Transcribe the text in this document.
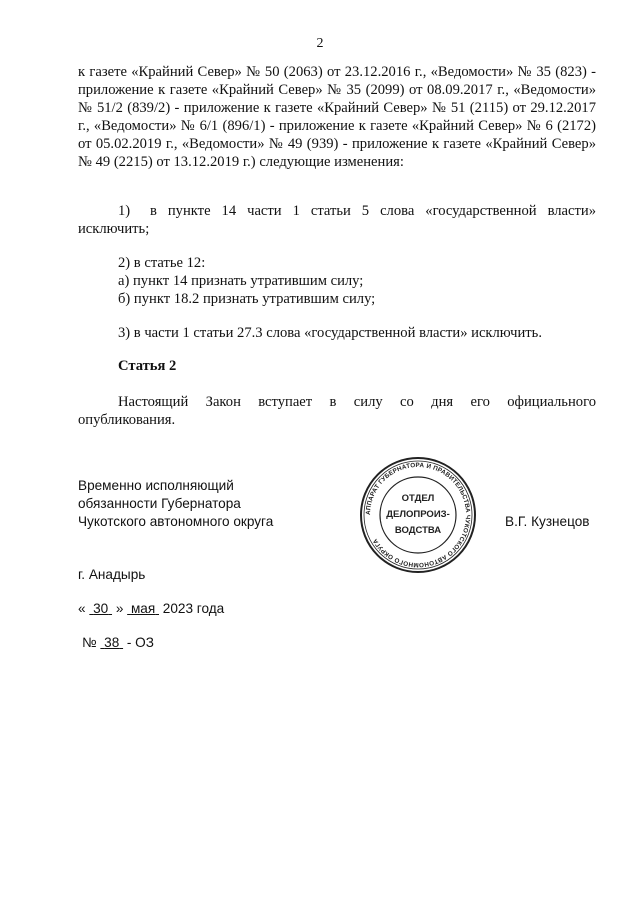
2
к газете «Крайний Север» № 50 (2063) от 23.12.2016 г., «Ведомости» № 35 (823) - приложение к газете «Крайний Север» № 35 (2099) от 08.09.2017 г., «Ведомости» № 51/2 (839/2) - приложение к газете «Крайний Север» № 51 (2115) от 29.12.2017 г., «Ведомости» № 6/1 (896/1) - приложение к газете «Крайний Север» № 6 (2172) от 05.02.2019 г., «Ведомости» № 49 (939) - приложение к газете «Крайний Север» № 49 (2215) от 13.12.2019 г.) следующие изменения:
1) в пункте 14 части 1 статьи 5 слова «государственной власти»
исключить;
2) в статье 12:
а) пункт 14 признать утратившим силу;
б) пункт 18.2 признать утратившим силу;
3) в части 1 статьи 27.3 слова «государственной власти» исключить.
Статья 2
Настоящий Закон вступает в силу со дня его официального
опубликования.
Временно исполняющий
обязанности Губернатора
Чукотского автономного округа	В.Г. Кузнецов
АППАРАТ ГУБЕРНАТОРА И ПРАВИТЕЛЬСТВА ЧУКОТСКОГО АВТОНОМНОГО ОКРУГА
ОТДЕЛ
ДЕЛОПРОИЗ-
ВОДСТВА
г. Анадырь
« 30 » мая 2023 года
№ 38 - ОЗ
